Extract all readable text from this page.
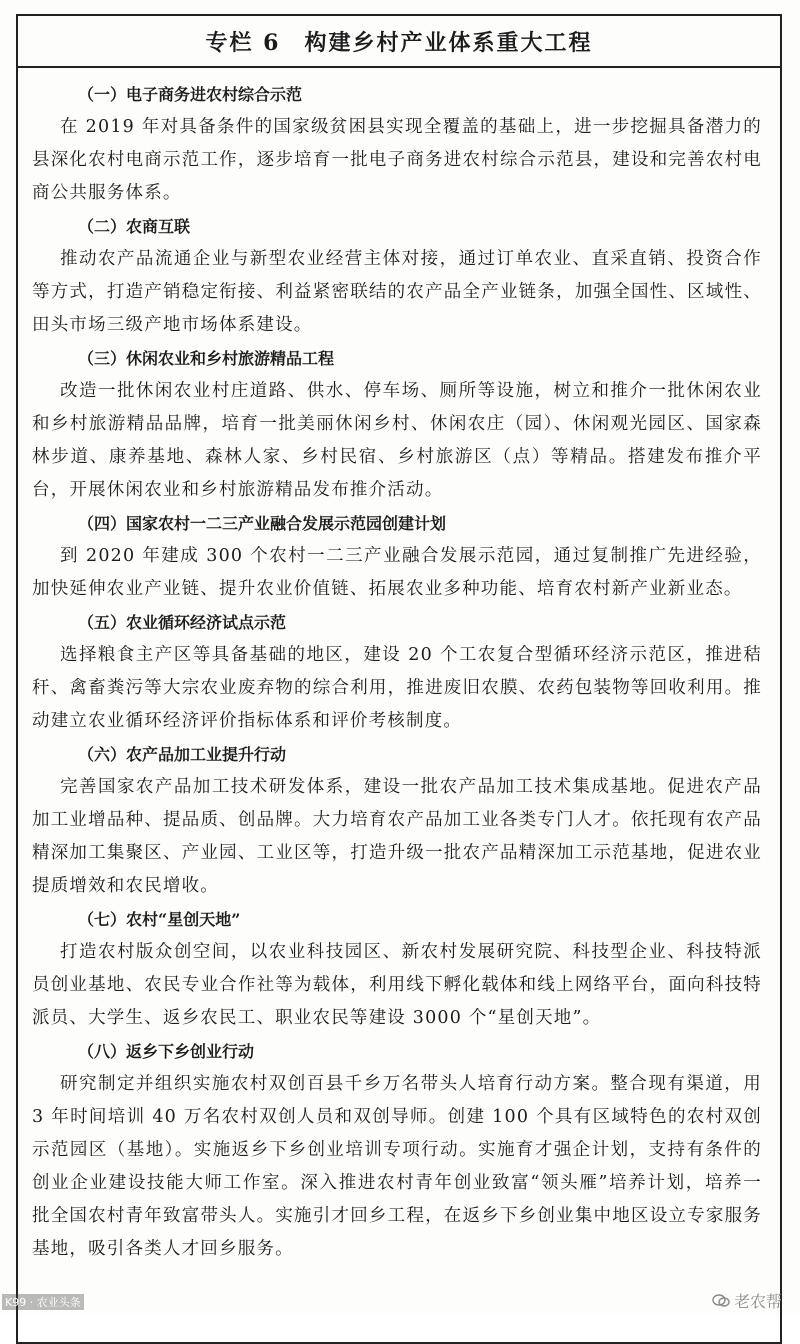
专栏 6　构建乡村产业体系重大工程
（一）电子商务进农村综合示范
在 2019 年对具备条件的国家级贫困县实现全覆盖的基础上，进一步挖掘具备潜力的县深化农村电商示范工作，逐步培育一批电子商务进农村综合示范县，建设和完善农村电商公共服务体系。
（二）农商互联
推动农产品流通企业与新型农业经营主体对接，通过订单农业、直采直销、投资合作等方式，打造产销稳定衔接、利益紧密联结的农产品全产业链条，加强全国性、区域性、田头市场三级产地市场体系建设。
（三）休闲农业和乡村旅游精品工程
改造一批休闲农业村庄道路、供水、停车场、厕所等设施，树立和推介一批休闲农业和乡村旅游精品品牌，培育一批美丽休闲乡村、休闲农庄（园）、休闲观光园区、国家森林步道、康养基地、森林人家、乡村民宿、乡村旅游区（点）等精品。搭建发布推介平台，开展休闲农业和乡村旅游精品发布推介活动。
（四）国家农村一二三产业融合发展示范园创建计划
到 2020 年建成 300 个农村一二三产业融合发展示范园，通过复制推广先进经验，加快延伸农业产业链、提升农业价值链、拓展农业多种功能、培育农村新产业新业态。
（五）农业循环经济试点示范
选择粮食主产区等具备基础的地区，建设 20 个工农复合型循环经济示范区，推进秸秆、禽畜粪污等大宗农业废弃物的综合利用，推进废旧农膜、农药包装物等回收利用。推动建立农业循环经济评价指标体系和评价考核制度。
（六）农产品加工业提升行动
完善国家农产品加工技术研发体系，建设一批农产品加工技术集成基地。促进农产品加工业增品种、提品质、创品牌。大力培育农产品加工业各类专门人才。依托现有农产品精深加工集聚区、产业园、工业区等，打造升级一批农产品精深加工示范基地，促进农业提质增效和农民增收。
（七）农村“星创天地”
打造农村版众创空间，以农业科技园区、新农村发展研究院、科技型企业、科技特派员创业基地、农民专业合作社等为载体，利用线下孵化载体和线上网络平台，面向科技特派员、大学生、返乡农民工、职业农民等建设 3000 个“星创天地”。
（八）返乡下乡创业行动
研究制定并组织实施农村双创百县千乡万名带头人培育行动方案。整合现有渠道，用 3 年时间培训 40 万名农村双创人员和双创导师。创建 100 个具有区域特色的农村双创示范园区（基地）。实施返乡下乡创业培训专项行动。实施育才强企计划，支持有条件的创业企业建设技能大师工作室。深入推进农村青年创业致富“领头雁”培养计划，培养一批全国农村青年致富带头人。实施引才回乡工程，在返乡下乡创业集中地区设立专家服务基地，吸引各类人才回乡服务。
K99 · 农业头条	老农帮
